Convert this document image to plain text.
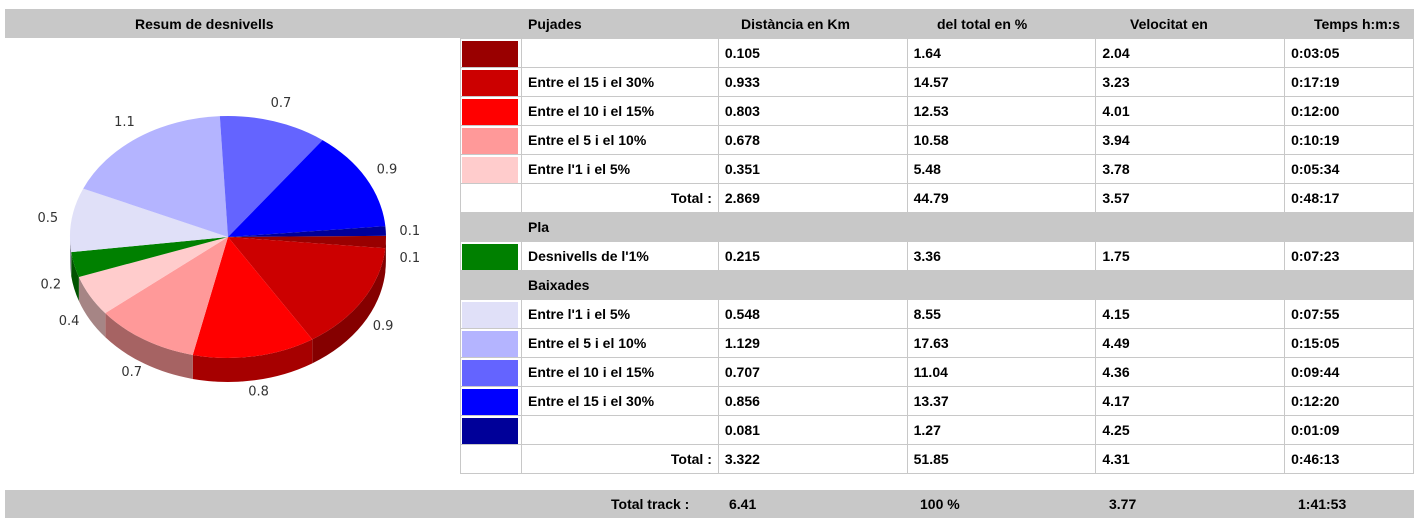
Resum de desnivells	Pujades	Distància en Km	del total en %	Velocitat en	Temps h:m:s
0.1
0.9
0.8
0.7
0.4
0.2
0.5
1.1
0.7
0.9
0.1
		0.105	1.64	2.04	0:03:05

	Entre el 15 i el 30%	0.933	14.57	3.23	0:17:19

	Entre el 10 i el 15%	0.803	12.53	4.01	0:12:00

	Entre el 5 i el 10%	0.678	10.58	3.94	0:10:19

	Entre l'1 i el 5%	0.351	5.48	3.78	0:05:34
	Total :	2.869	44.79	3.57	0:48:17
	Pla				

	Desnivells de l'1%	0.215	3.36	1.75	0:07:23
	Baixades				

	Entre l'1 i el 5%	0.548	8.55	4.15	0:07:55

	Entre el 5 i el 10%	1.129	17.63	4.49	0:15:05

	Entre el 10 i el 15%	0.707	11.04	4.36	0:09:44

	Entre el 15 i el 30%	0.856	13.37	4.17	0:12:20

		0.081	1.27	4.25	0:01:09
	Total :	3.322	51.85	4.31	0:46:13
Total track :	6.41	100 %	3.77	1:41:53
